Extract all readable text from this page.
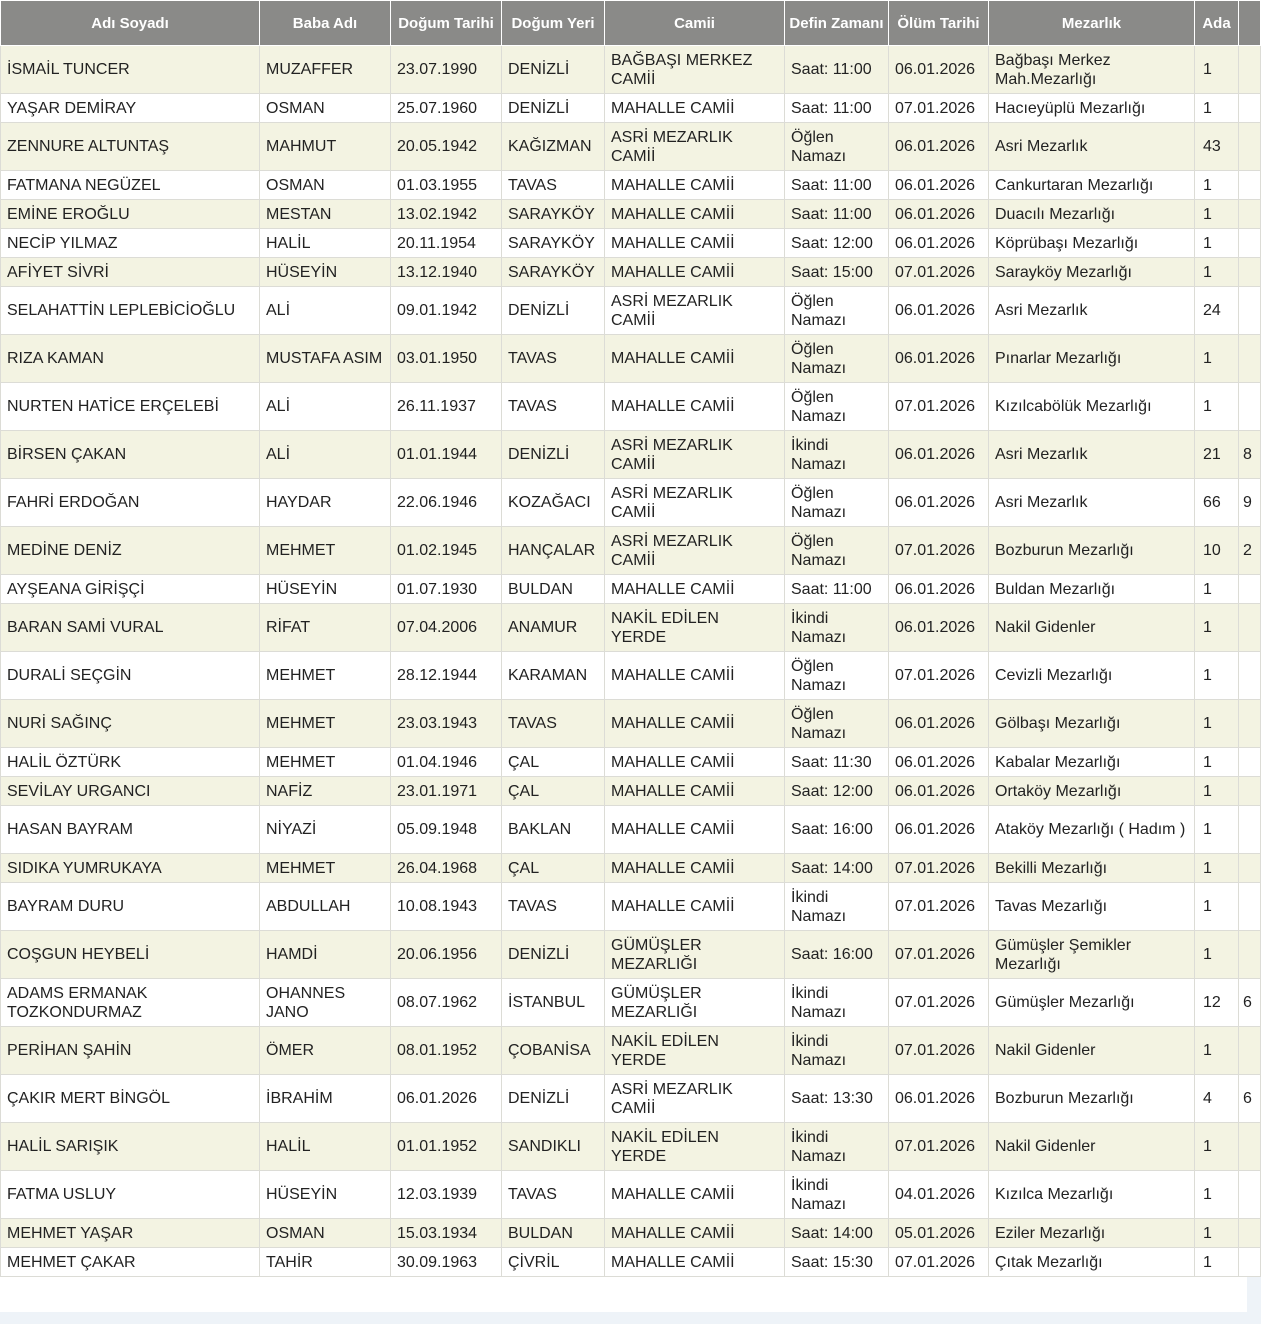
Adı Soyadı	Baba Adı	Doğum Tarihi	Doğum Yeri	Camii	Defin Zamanı	Ölüm Tarihi	Mezarlık	Ada	
İSMAİL TUNCER	MUZAFFER	23.07.1990	DENİZLİ	BAĞBAŞI MERKEZ CAMİİ	Saat: 11:00	06.01.2026	Bağbaşı Merkez Mah.Mezarlığı	1	
YAŞAR DEMİRAY	OSMAN	25.07.1960	DENİZLİ	MAHALLE CAMİİ	Saat: 11:00	07.01.2026	Hacıeyüplü Mezarlığı	1	
ZENNURE ALTUNTAŞ	MAHMUT	20.05.1942	KAĞIZMAN	ASRİ MEZARLIK CAMİİ	Öğlen Namazı	06.01.2026	Asri Mezarlık	43	
FATMANA NEGÜZEL	OSMAN	01.03.1955	TAVAS	MAHALLE CAMİİ	Saat: 11:00	06.01.2026	Cankurtaran Mezarlığı	1	
EMİNE EROĞLU	MESTAN	13.02.1942	SARAYKÖY	MAHALLE CAMİİ	Saat: 11:00	06.01.2026	Duacılı Mezarlığı	1	
NECİP YILMAZ	HALİL	20.11.1954	SARAYKÖY	MAHALLE CAMİİ	Saat: 12:00	06.01.2026	Köprübaşı Mezarlığı	1	
AFİYET SİVRİ	HÜSEYİN	13.12.1940	SARAYKÖY	MAHALLE CAMİİ	Saat: 15:00	07.01.2026	Sarayköy Mezarlığı	1	
SELAHATTİN LEPLEBİCİOĞLU	ALİ	09.01.1942	DENİZLİ	ASRİ MEZARLIK CAMİİ	Öğlen Namazı	06.01.2026	Asri Mezarlık	24	
RIZA KAMAN	MUSTAFA ASIM	03.01.1950	TAVAS	MAHALLE CAMİİ	Öğlen Namazı	06.01.2026	Pınarlar Mezarlığı	1	
NURTEN HATİCE ERÇELEBİ	ALİ	26.11.1937	TAVAS	MAHALLE CAMİİ	Öğlen Namazı	07.01.2026	Kızılcabölük Mezarlığı	1	
BİRSEN ÇAKAN	ALİ	01.01.1944	DENİZLİ	ASRİ MEZARLIK CAMİİ	İkindi Namazı	06.01.2026	Asri Mezarlık	21	8
FAHRİ ERDOĞAN	HAYDAR	22.06.1946	KOZAĞACI	ASRİ MEZARLIK CAMİİ	Öğlen Namazı	06.01.2026	Asri Mezarlık	66	9
MEDİNE DENİZ	MEHMET	01.02.1945	HANÇALAR	ASRİ MEZARLIK CAMİİ	Öğlen Namazı	07.01.2026	Bozburun Mezarlığı	10	2
AYŞEANA GİRİŞÇİ	HÜSEYİN	01.07.1930	BULDAN	MAHALLE CAMİİ	Saat: 11:00	06.01.2026	Buldan Mezarlığı	1	
BARAN SAMİ VURAL	RİFAT	07.04.2006	ANAMUR	NAKİL EDİLEN YERDE	İkindi Namazı	06.01.2026	Nakil Gidenler	1	
DURALİ SEÇGİN	MEHMET	28.12.1944	KARAMAN	MAHALLE CAMİİ	Öğlen Namazı	07.01.2026	Cevizli Mezarlığı	1	
NURİ SAĞINÇ	MEHMET	23.03.1943	TAVAS	MAHALLE CAMİİ	Öğlen Namazı	06.01.2026	Gölbaşı Mezarlığı	1	
HALİL ÖZTÜRK	MEHMET	01.04.1946	ÇAL	MAHALLE CAMİİ	Saat: 11:30	06.01.2026	Kabalar Mezarlığı	1	
SEVİLAY URGANCI	NAFİZ	23.01.1971	ÇAL	MAHALLE CAMİİ	Saat: 12:00	06.01.2026	Ortaköy Mezarlığı	1	
HASAN BAYRAM	NİYAZİ	05.09.1948	BAKLAN	MAHALLE CAMİİ	Saat: 16:00	06.01.2026	Ataköy Mezarlığı ( Hadım )	1	
SIDIKA YUMRUKAYA	MEHMET	26.04.1968	ÇAL	MAHALLE CAMİİ	Saat: 14:00	07.01.2026	Bekilli Mezarlığı	1	
BAYRAM DURU	ABDULLAH	10.08.1943	TAVAS	MAHALLE CAMİİ	İkindi Namazı	07.01.2026	Tavas Mezarlığı	1	
COŞGUN HEYBELİ	HAMDİ	20.06.1956	DENİZLİ	GÜMÜŞLER MEZARLIĞI	Saat: 16:00	07.01.2026	Gümüşler Şemikler Mezarlığı	1	
ADAMS ERMANAK TOZKONDURMAZ	OHANNES JANO	08.07.1962	İSTANBUL	GÜMÜŞLER MEZARLIĞI	İkindi Namazı	07.01.2026	Gümüşler Mezarlığı	12	6
PERİHAN ŞAHİN	ÖMER	08.01.1952	ÇOBANİSA	NAKİL EDİLEN YERDE	İkindi Namazı	07.01.2026	Nakil Gidenler	1	
ÇAKIR MERT BİNGÖL	İBRAHİM	06.01.2026	DENİZLİ	ASRİ MEZARLIK CAMİİ	Saat: 13:30	06.01.2026	Bozburun Mezarlığı	4	6
HALİL SARIŞIK	HALİL	01.01.1952	SANDIKLI	NAKİL EDİLEN YERDE	İkindi Namazı	07.01.2026	Nakil Gidenler	1	
FATMA USLUY	HÜSEYİN	12.03.1939	TAVAS	MAHALLE CAMİİ	İkindi Namazı	04.01.2026	Kızılca Mezarlığı	1	
MEHMET YAŞAR	OSMAN	15.03.1934	BULDAN	MAHALLE CAMİİ	Saat: 14:00	05.01.2026	Eziler Mezarlığı	1	
MEHMET ÇAKAR	TAHİR	30.09.1963	ÇİVRİL	MAHALLE CAMİİ	Saat: 15:30	07.01.2026	Çıtak Mezarlığı	1	
